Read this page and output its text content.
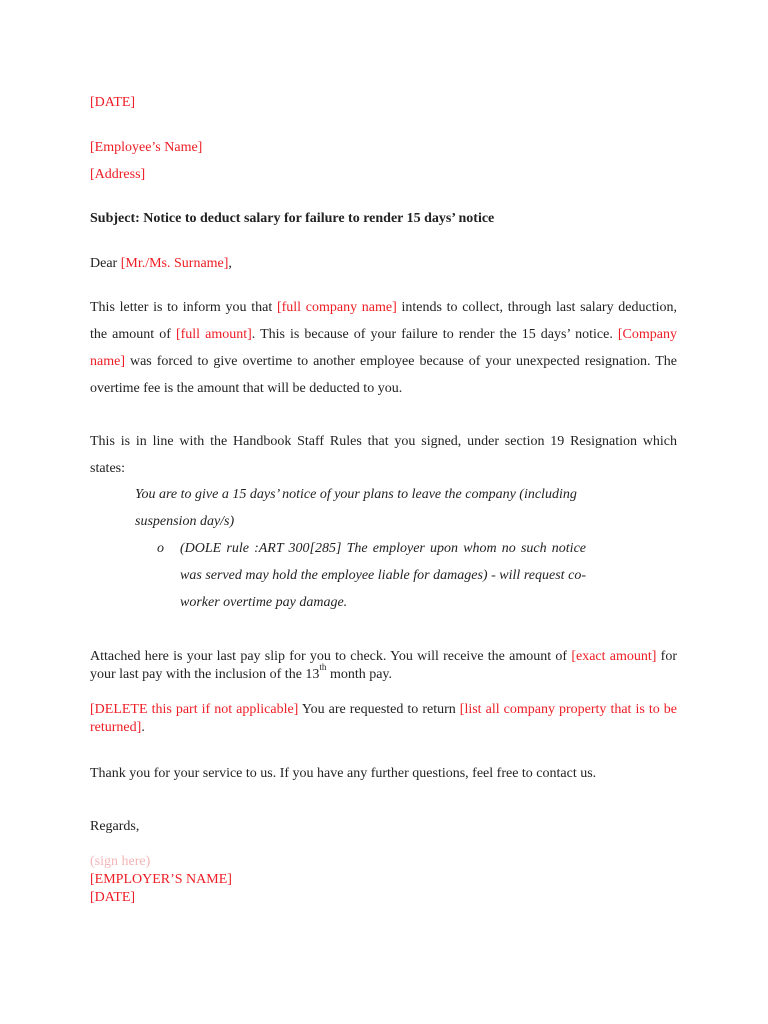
[DATE]
[Employee’s Name]
[Address]
Subject: Notice to deduct salary for failure to render 15 days’ notice
Dear [Mr./Ms. Surname],
This letter is to inform you that [full company name] intends to collect, through last salary deduction, the amount of [full amount]. This is because of your failure to render the 15 days’ notice. [Company name] was forced to give overtime to another employee because of your unexpected resignation. The overtime fee is the amount that will be deducted to you.
This is in line with the Handbook Staff Rules that you signed, under section 19 Resignation which states:
You are to give a 15 days’ notice of your plans to leave the company (including suspension day/s)
o (DOLE rule :ART 300[285] The employer upon whom no such notice was served may hold the employee liable for damages) - will request co-worker overtime pay damage.
Attached here is your last pay slip for you to check. You will receive the amount of [exact amount] for your last pay with the inclusion of the 13th month pay.
[DELETE this part if not applicable] You are requested to return [list all company property that is to be returned].
Thank you for your service to us. If you have any further questions, feel free to contact us.
Regards,
(sign here)
[EMPLOYER’S NAME]
[DATE]
